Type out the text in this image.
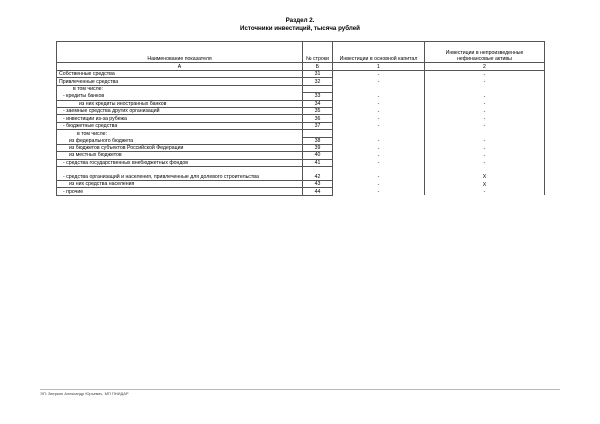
Раздел 2.
Источники инвестиций, тысяча рублей
Наименование показателя	№ строки	Инвестиции в основной капитал	Инвестиции в непроизведенные нефинансовые активы
А	Б	1	2
Собственные средства	31	-	-
Привлеченные средства	32	-	-
в том числе:			
- кредиты банков	33	-	-
из них кредиты иностранных банков	34	-	-
- заемные средства других организаций	35	-	-
- инвестиции из-за рубежа	36	-	-
- бюджетные средства	37	-	-
в том числе:			
из федерального бюджета	38	-	-
из бюджетов субъектов Российской Федерации	39	-	-
из местных бюджетов	40	-	-
- средства государственных внебюджетных фондов	41	-	-
- средства организаций и населения, привлеченные для долевого строительства	42	-	X
из них средства населения	43	-	X
- прочие	44	-	-
ЭП: Зверкин Александр Юрьевич, МП ПНИДАР
